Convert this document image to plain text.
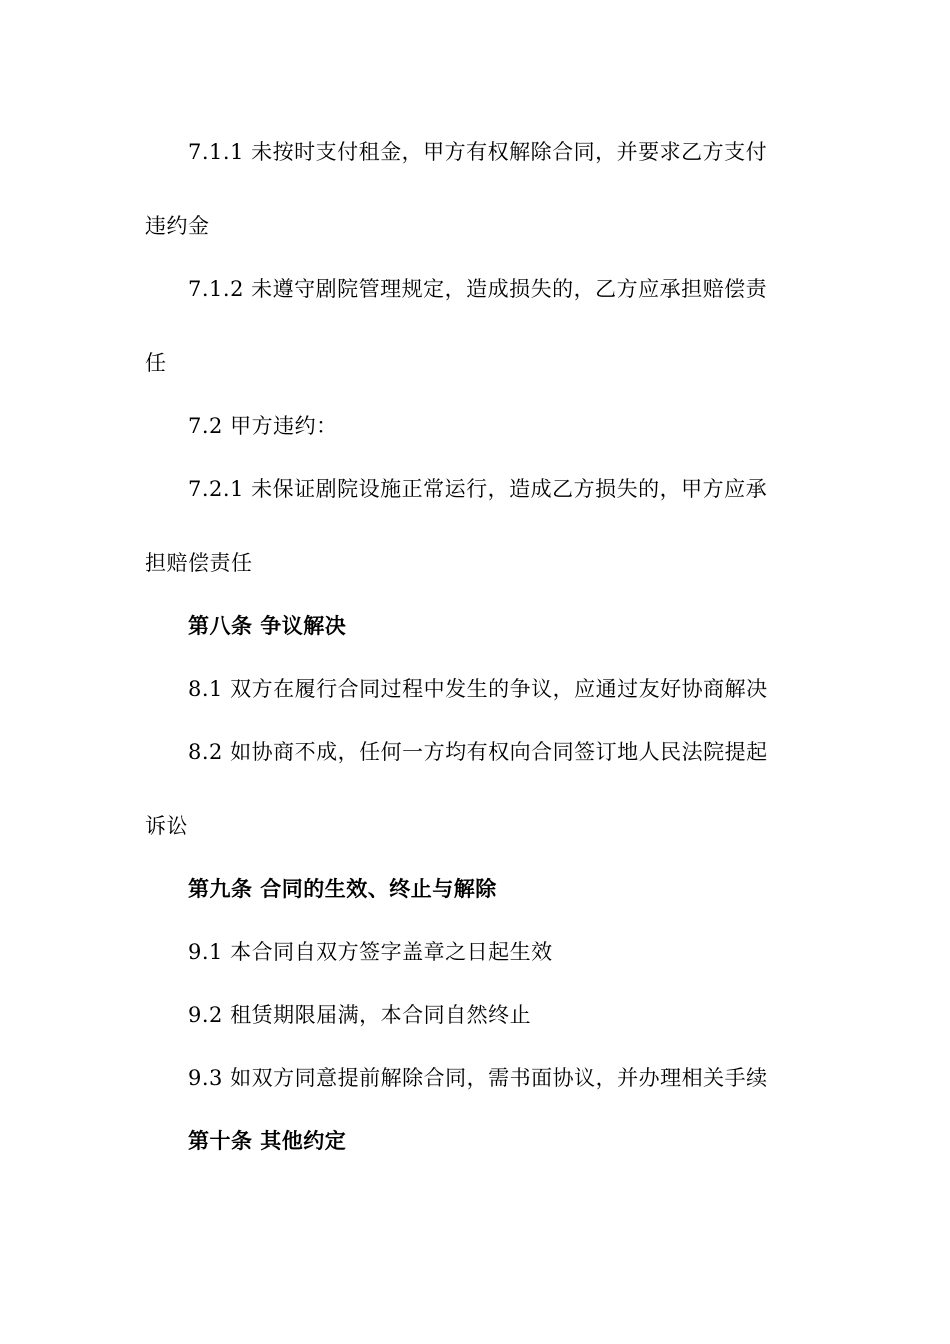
7.1.1 未按时支付租金，甲方有权解除合同，并要求乙方支付
违约金
7.1.2 未遵守剧院管理规定，造成损失的，乙方应承担赔偿责
任
7.2 甲方违约：
7.2.1 未保证剧院设施正常运行，造成乙方损失的，甲方应承
担赔偿责任
第八条 争议解决
8.1 双方在履行合同过程中发生的争议，应通过友好协商解决
8.2 如协商不成，任何一方均有权向合同签订地人民法院提起
诉讼
第九条 合同的生效、终止与解除
9.1 本合同自双方签字盖章之日起生效
9.2 租赁期限届满，本合同自然终止
9.3 如双方同意提前解除合同，需书面协议，并办理相关手续
第十条 其他约定
